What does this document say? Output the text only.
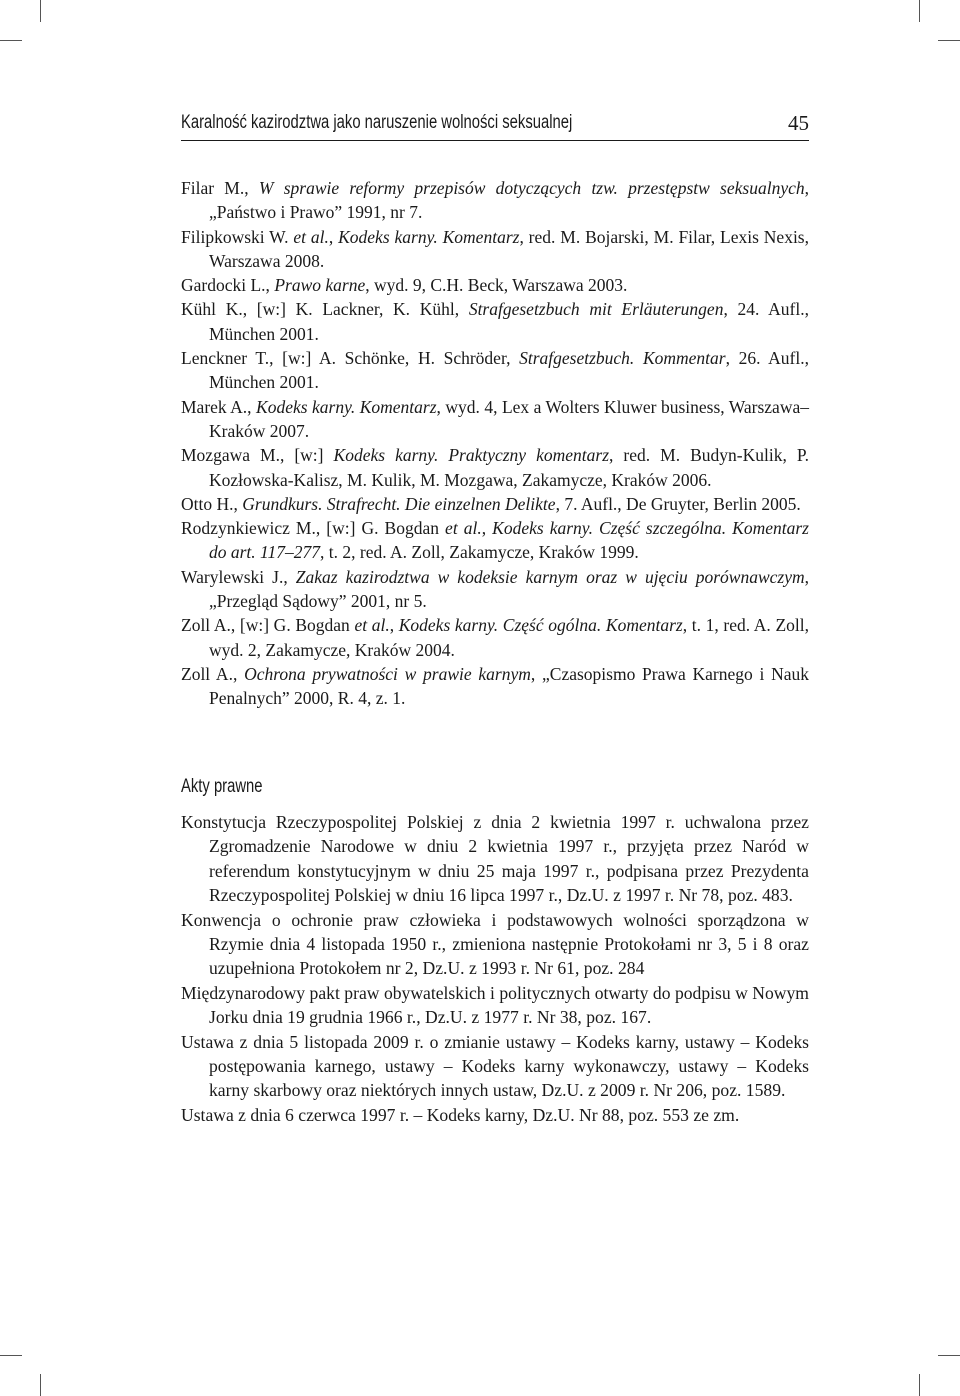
Karalność kazirodztwa jako naruszenie wolności seksualnej	45
Filar M., W sprawie reformy przepisów dotyczących tzw. przestępstw seksualnych, „Państwo i Prawo” 1991, nr 7.
Filipkowski W. et al., Kodeks karny. Komentarz, red. M. Bojarski, M. Filar, Lexis Nexis, Warszawa 2008.
Gardocki L., Prawo karne, wyd. 9, C.H. Beck, Warszawa 2003.
Kühl K., [w:] K. Lackner, K. Kühl, Strafgesetzbuch mit Erläuterungen, 24. Aufl., München 2001.
Lenckner T., [w:] A. Schönke, H. Schröder, Strafgesetzbuch. Kommentar, 26. Aufl., München 2001.
Marek A., Kodeks karny. Komentarz, wyd. 4, Lex a Wolters Kluwer business, Warszawa–Kraków 2007.
Mozgawa M., [w:] Kodeks karny. Praktyczny komentarz, red. M. Budyn-Kulik, P. Kozłowska-Kalisz, M. Kulik, M. Mozgawa, Zakamycze, Kraków 2006.
Otto H., Grundkurs. Strafrecht. Die einzelnen Delikte, 7. Aufl., De Gruyter, Berlin 2005.
Rodzynkiewicz M., [w:] G. Bogdan et al., Kodeks karny. Część szczególna. Komentarz do art. 117–277, t. 2, red. A. Zoll, Zakamycze, Kraków 1999.
Warylewski J., Zakaz kazirodztwa w kodeksie karnym oraz w ujęciu porównawczym, „Przegląd Sądowy” 2001, nr 5.
Zoll A., [w:] G. Bogdan et al., Kodeks karny. Część ogólna. Komentarz, t. 1, red. A. Zoll, wyd. 2, Zakamycze, Kraków 2004.
Zoll A., Ochrona prywatności w prawie karnym, „Czasopismo Prawa Karnego i Nauk Penalnych” 2000, R. 4, z. 1.
Akty prawne
Konstytucja Rzeczypospolitej Polskiej z dnia 2 kwietnia 1997 r. uchwalona przez Zgromadzenie Narodowe w dniu 2 kwietnia 1997 r., przyjęta przez Naród w referendum konstytucyjnym w dniu 25 maja 1997 r., podpisana przez Prezydenta Rzeczypospolitej Polskiej w dniu 16 lipca 1997 r., Dz.U. z 1997 r. Nr 78, poz. 483.
Konwencja o ochronie praw człowieka i podstawowych wolności sporządzona w Rzymie dnia 4 listopada 1950 r., zmieniona następnie Protokołami nr 3, 5 i 8 oraz uzupełniona Protokołem nr 2, Dz.U. z 1993 r. Nr 61, poz. 284
Międzynarodowy pakt praw obywatelskich i politycznych otwarty do podpisu w Nowym Jorku dnia 19 grudnia 1966 r., Dz.U. z 1977 r. Nr 38, poz. 167.
Ustawa z dnia 5 listopada 2009 r. o zmianie ustawy – Kodeks karny, ustawy – Kodeks postępowania karnego, ustawy – Kodeks karny wykonawczy, ustawy – Kodeks karny skarbowy oraz niektórych innych ustaw, Dz.U. z 2009 r. Nr 206, poz. 1589.
Ustawa z dnia 6 czerwca 1997 r. – Kodeks karny, Dz.U. Nr 88, poz. 553 ze zm.
